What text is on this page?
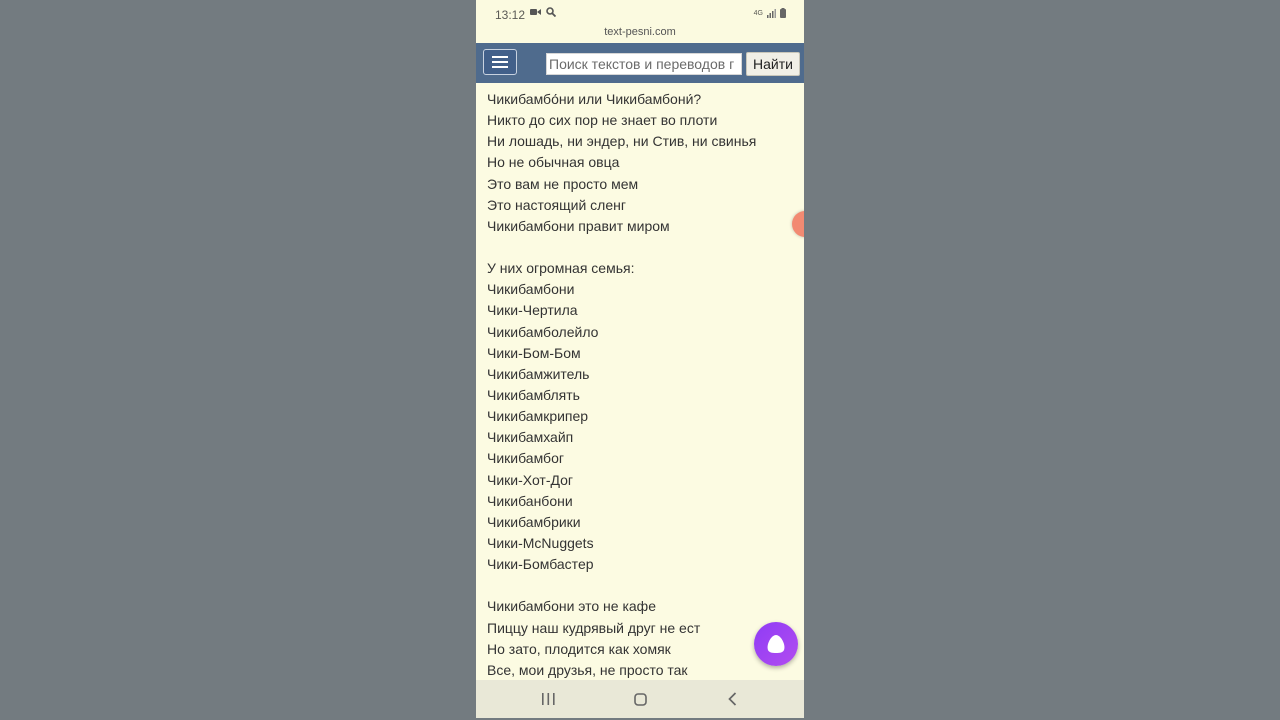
13:12	4G
text-pesni.com
Поиск текстов и переводов г
Найти
Чикибамбо́ни или Чикибамбони́?
Никто до сих пор не знает во плоти
Ни лошадь, ни эндер, ни Стив, ни свинья
Но не обычная овца
Это вам не просто мем
Это настоящий сленг
Чикибамбони правит миром
У них огромная семья:
Чикибамбони
Чики-Чертила
Чикибамболейло
Чики-Бом-Бом
Чикибамжитель
Чикибамблять
Чикибамкрипер
Чикибамхайп
Чикибамбог
Чики-Хот-Дог
Чикибанбони
Чикибамбрики
Чики-McNuggets
Чики-Бомбастер
Чикибамбони это не кафе
Пиццу наш кудрявый друг не ест
Но зато, плодится как хомяк
Все, мои друзья, не просто так
